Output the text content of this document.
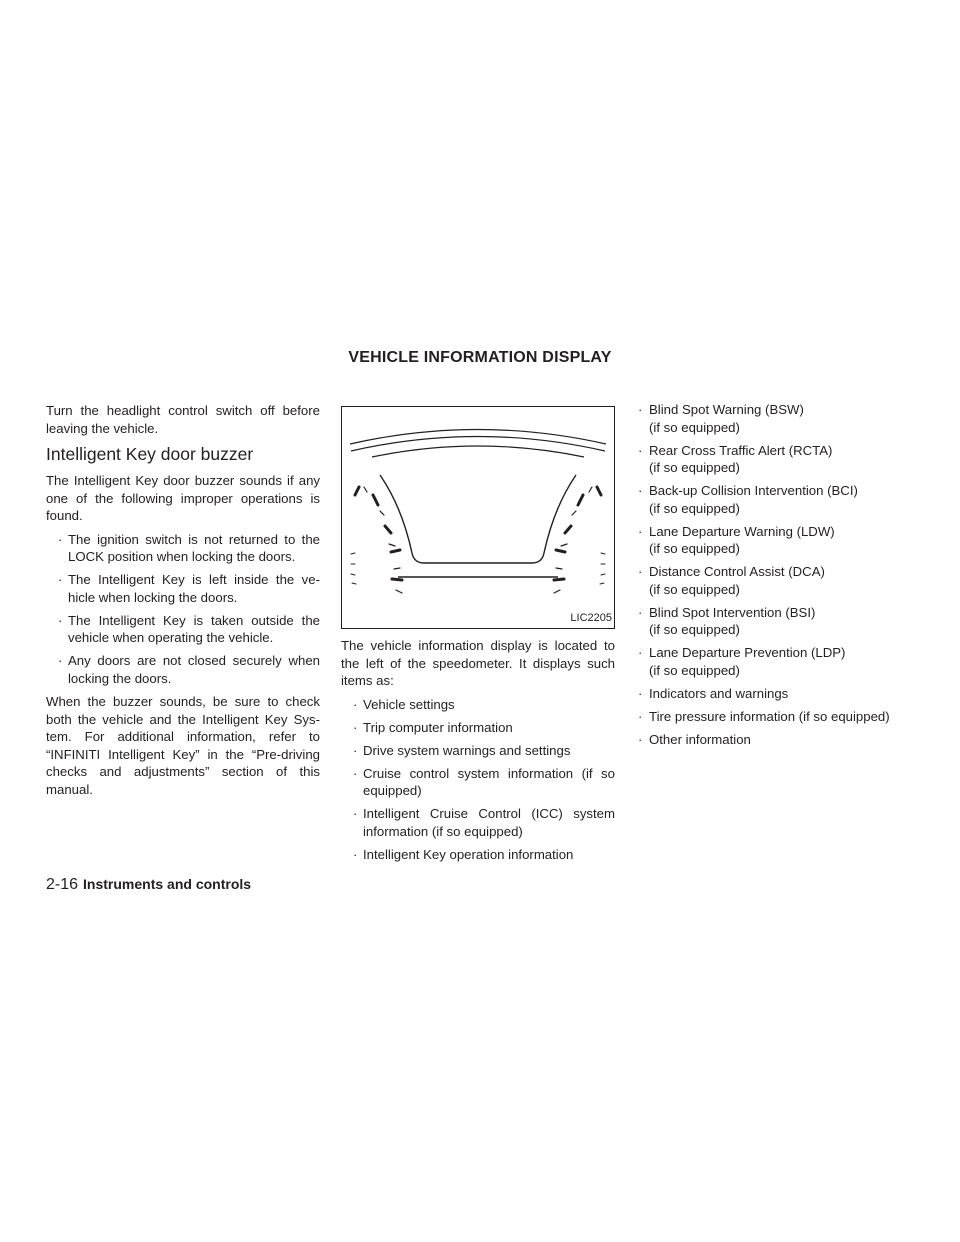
VEHICLE INFORMATION DISPLAY

Turn the headlight control switch off before leaving the vehicle.

Intelligent Key door buzzer

The Intelligent Key door buzzer sounds if any one of the following improper operations is found.

· The ignition switch is not returned to the LOCK position when locking the doors.
· The Intelligent Key is left inside the ve- hicle when locking the doors.
· The Intelligent Key is taken outside the vehicle when operating the vehicle.
· Any doors are not closed securely when locking the doors.

When the buzzer sounds, be sure to check both the vehicle and the Intelligent Key Sys- tem. For additional information, refer to “INFINITI Intelligent Key” in the “Pre-driving checks and adjustments” section of this manual.

LIC2205

The vehicle information display is located to the left of the speedometer. It displays such items as:

· Vehicle settings
· Trip computer information
· Drive system warnings and settings
· Cruise control system information (if so equipped)
· Intelligent Cruise Control (ICC) system information (if so equipped)
· Intelligent Key operation information
· Blind Spot Warning (BSW)
(if so equipped)
· Rear Cross Traffic Alert (RCTA)
(if so equipped)
· Back-up Collision Intervention (BCI)
(if so equipped)
· Lane Departure Warning (LDW)
(if so equipped)
· Distance Control Assist (DCA)
(if so equipped)
· Blind Spot Intervention (BSI)
(if so equipped)
· Lane Departure Prevention (LDP)
(if so equipped)
· Indicators and warnings
· Tire pressure information (if so equipped)
· Other information
2-16 Instruments and controls
